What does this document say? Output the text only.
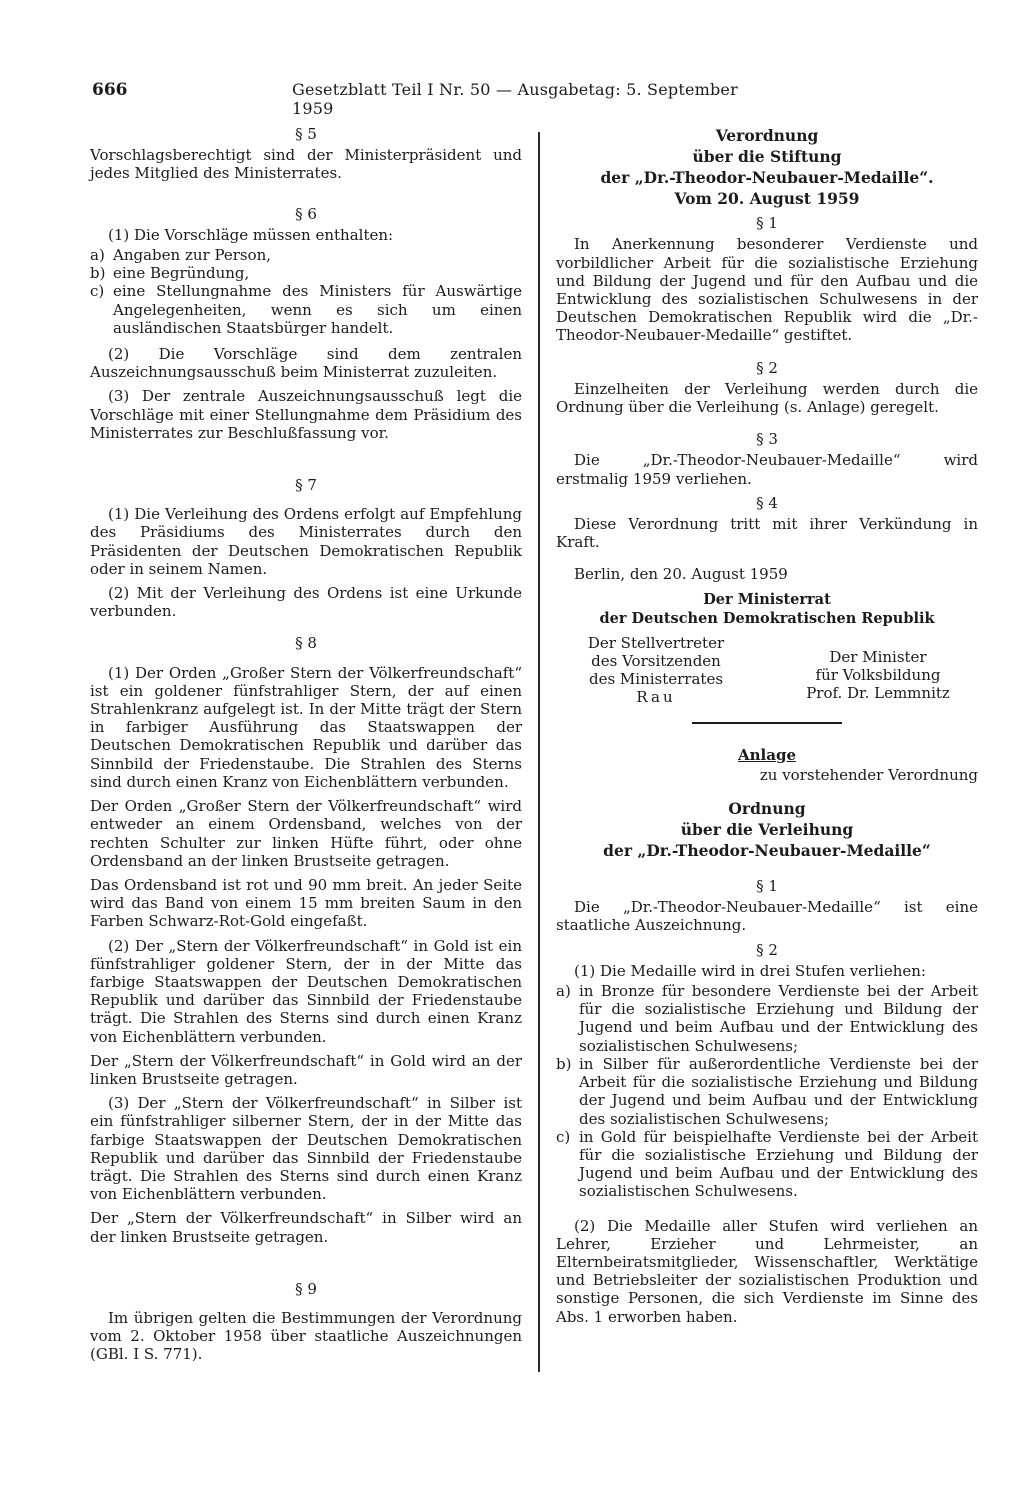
666	Gesetzblatt Teil I Nr. 50 — Ausgabetag: 5. September 1959

§ 5

Vorschlagsberechtigt sind der Ministerpräsident und jedes Mitglied des Ministerrates.

§ 6

(1) Die Vorschläge müssen enthalten:

a) Angaben zur Person,
b) eine Begründung,
c) eine Stellungnahme des Ministers für Auswärtige Angelegenheiten, wenn es sich um einen ausländischen Staatsbürger handelt.

(2) Die Vorschläge sind dem zentralen Auszeichnungsausschuß beim Ministerrat zuzuleiten.

(3) Der zentrale Auszeichnungsausschuß legt die Vorschläge mit einer Stellungnahme dem Präsidium des Ministerrates zur Beschlußfassung vor.

§ 7

(1) Die Verleihung des Ordens erfolgt auf Empfehlung des Präsidiums des Ministerrates durch den Präsidenten der Deutschen Demokratischen Republik oder in seinem Namen.

(2) Mit der Verleihung des Ordens ist eine Urkunde verbunden.

§ 8

(1) Der Orden „Großer Stern der Völkerfreundschaft“ ist ein goldener fünfstrahliger Stern, der auf einen Strahlenkranz aufgelegt ist. In der Mitte trägt der Stern in farbiger Ausführung das Staatswappen der Deutschen Demokratischen Republik und darüber das Sinnbild der Friedenstaube. Die Strahlen des Sterns sind durch einen Kranz von Eichenblättern verbunden.

Der Orden „Großer Stern der Völkerfreundschaft“ wird entweder an einem Ordensband, welches von der rechten Schulter zur linken Hüfte führt, oder ohne Ordensband an der linken Brustseite getragen.

Das Ordensband ist rot und 90 mm breit. An jeder Seite wird das Band von einem 15 mm breiten Saum in den Farben Schwarz-Rot-Gold eingefaßt.

(2) Der „Stern der Völkerfreundschaft“ in Gold ist ein fünfstrahliger goldener Stern, der in der Mitte das farbige Staatswappen der Deutschen Demokratischen Republik und darüber das Sinnbild der Friedenstaube trägt. Die Strahlen des Sterns sind durch einen Kranz von Eichenblättern verbunden.

Der „Stern der Völkerfreundschaft“ in Gold wird an der linken Brustseite getragen.

(3) Der „Stern der Völkerfreundschaft“ in Silber ist ein fünfstrahliger silberner Stern, der in der Mitte das farbige Staatswappen der Deutschen Demokratischen Republik und darüber das Sinnbild der Friedenstaube trägt. Die Strahlen des Sterns sind durch einen Kranz von Eichenblättern verbunden.

Der „Stern der Völkerfreundschaft“ in Silber wird an der linken Brustseite getragen.

§ 9

Im übrigen gelten die Bestimmungen der Verordnung vom 2. Oktober 1958 über staatliche Auszeichnungen (GBl. I S. 771).

Verordnung

über die Stiftung

der „Dr.-Theodor-Neubauer-Medaille“.

Vom 20. August 1959

§ 1

In Anerkennung besonderer Verdienste und vorbildlicher Arbeit für die sozialistische Erziehung und Bildung der Jugend und für den Aufbau und die Entwicklung des sozialistischen Schulwesens in der Deutschen Demokratischen Republik wird die „Dr.-Theodor-Neubauer-Medaille“ gestiftet.

§ 2

Einzelheiten der Verleihung werden durch die Ordnung über die Verleihung (s. Anlage) geregelt.

§ 3

Die „Dr.-Theodor-Neubauer-Medaille“ wird erstmalig 1959 verliehen.

§ 4

Diese Verordnung tritt mit ihrer Verkündung in Kraft.

Berlin, den 20. August 1959

Der Ministerrat

der Deutschen Demokratischen Republik

Der Stellvertreter
des Vorsitzenden
des Ministerrates
Rau
Der Minister
für Volksbildung
Prof. Dr. Lemmnitz

Anlage

zu vorstehender Verordnung

Ordnung

über die Verleihung

der „Dr.-Theodor-Neubauer-Medaille“

§ 1

Die „Dr.-Theodor-Neubauer-Medaille“ ist eine staatliche Auszeichnung.

§ 2

(1) Die Medaille wird in drei Stufen verliehen:

a) in Bronze für besondere Verdienste bei der Arbeit für die sozialistische Erziehung und Bildung der Jugend und beim Aufbau und der Entwicklung des sozialistischen Schulwesens;
b) in Silber für außerordentliche Verdienste bei der Arbeit für die sozialistische Erziehung und Bildung der Jugend und beim Aufbau und der Entwicklung des sozialistischen Schulwesens;
c) in Gold für beispielhafte Verdienste bei der Arbeit für die sozialistische Erziehung und Bildung der Jugend und beim Aufbau und der Entwicklung des sozialistischen Schulwesens.

(2) Die Medaille aller Stufen wird verliehen an Lehrer, Erzieher und Lehrmeister, an Elternbeiratsmitglieder, Wissenschaftler, Werktätige und Betriebsleiter der sozialistischen Produktion und sonstige Personen, die sich Verdienste im Sinne des Abs. 1 erworben haben.
